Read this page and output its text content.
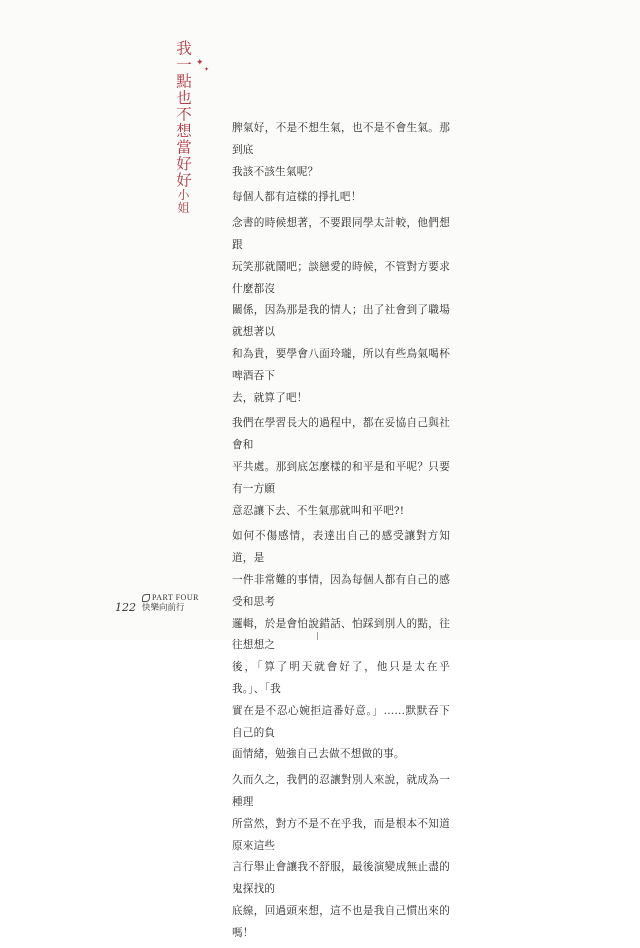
我一點也不想當好好小姐
✦
✦

脾氣好，不是不想生氣，也不是不會生氣。那到底
我該不該生氣呢？

每個人都有這樣的掙扎吧！

念書的時候想著，不要跟同學太計較，他們想跟
玩笑那就鬧吧；談戀愛的時候，不管對方要求什麼都沒
關係，因為那是我的情人；出了社會到了職場就想著以
和為貴，要學會八面玲瓏，所以有些鳥氣喝杯啤酒吞下
去，就算了吧！

我們在學習長大的過程中，都在妥協自己與社會和
平共處。那到底怎麼樣的和平是和平呢？只要有一方願
意忍讓下去、不生氣那就叫和平吧?!

如何不傷感情，表達出自己的感受讓對方知道，是
一件非常難的事情，因為每個人都有自己的感受和思考
邏輯，於是會怕說錯話、怕踩到別人的點，往往想想之
後，「算了明天就會好了，他只是太在乎我。」、「我
實在是不忍心婉拒這番好意。」……默默吞下自己的負
面情緒，勉強自己去做不想做的事。

久而久之，我們的忍讓對別人來說，就成為一種理
所當然，對方不是不在乎我，而是根本不知道原來這些
言行舉止會讓我不舒服，最後演變成無止盡的鬼探找的
底線，回過頭來想，這不也是我自己慣出來的嗎！

122
PART FOUR
快樂向前行
